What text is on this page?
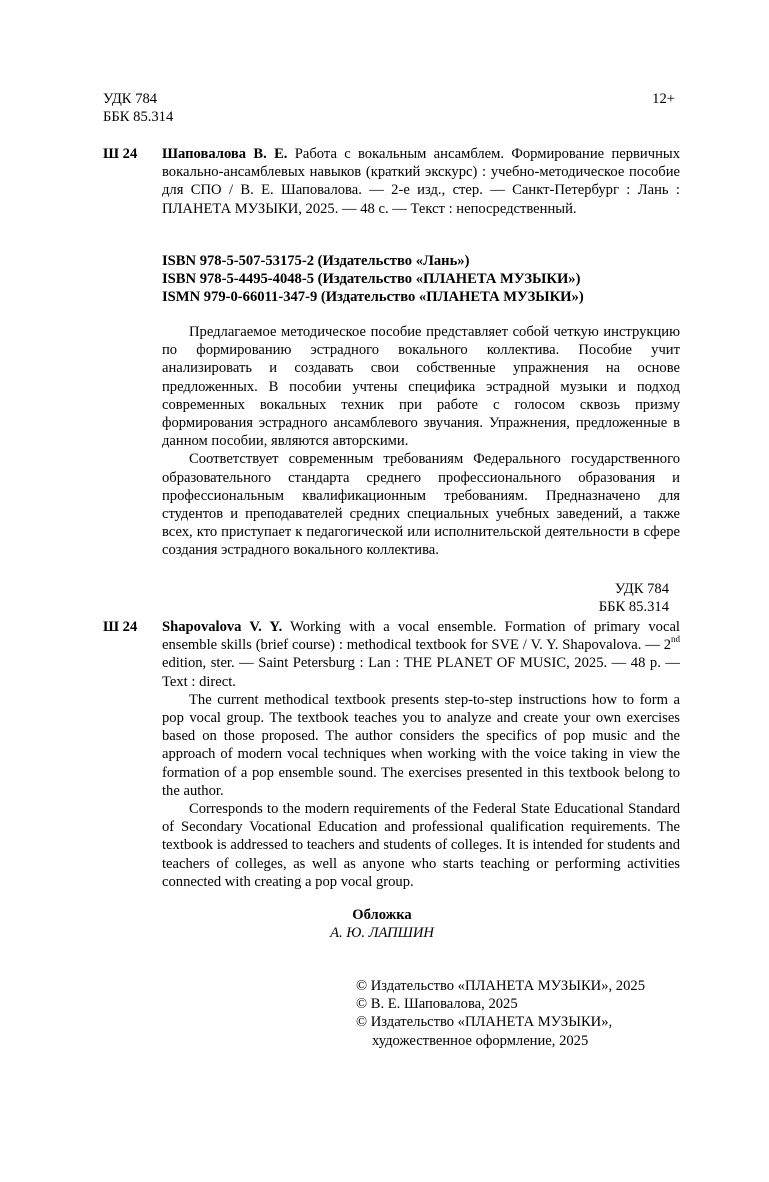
УДК 784
ББК 85.314
12+
Ш 24 Шаповалова В. Е. Работа с вокальным ансамблем. Формирование первичных вокально-ансамблевых навыков (краткий экскурс) : учебно-методическое пособие для СПО / В. Е. Шаповалова. — 2-е изд., стер. — Санкт-Петербург : Лань : ПЛАНЕТА МУЗЫКИ, 2025. — 48 с. — Текст : непосредственный.
ISBN 978-5-507-53175-2 (Издательство «Лань»)
ISBN 978-5-4495-4048-5 (Издательство «ПЛАНЕТА МУЗЫКИ»)
ISMN 979-0-66011-347-9 (Издательство «ПЛАНЕТА МУЗЫКИ»)

Предлагаемое методическое пособие представляет собой четкую инструкцию по формированию эстрадного вокального коллектива. Пособие учит анализировать и создавать свои собственные упражнения на основе предложенных. В пособии учтены специфика эстрадной музыки и подход современных вокальных техник при работе с голосом сквозь призму формирования эстрадного ансамблевого звучания. Упражнения, предложенные в данном пособии, являются авторскими.

Соответствует современным требованиям Федерального государственного образовательного стандарта среднего профессионального образования и профессиональным квалификационным требованиям. Предназначено для студентов и преподавателей средних специальных учебных заведений, а также всех, кто приступает к педагогической или исполнительской деятельности в сфере создания эстрадного вокального коллектива.

УДК 784
ББК 85.314
Ш 24 Shapovalova V. Y. Working with a vocal ensemble. Formation of primary vocal ensemble skills (brief course) : methodical textbook for SVE / V. Y. Shapovalova. — 2nd edition, ster. — Saint Petersburg : Lan : THE PLANET OF MUSIC, 2025. — 48 p. — Text : direct.

The current methodical textbook presents step-to-step instructions how to form a pop vocal group. The textbook teaches you to analyze and create your own exercises based on those proposed. The author considers the specifics of pop music and the approach of modern vocal techniques when working with the voice taking in view the formation of a pop ensemble sound. The exercises presented in this textbook belong to the author.

Corresponds to the modern requirements of the Federal State Educational Standard of Secondary Vocational Education and professional qualification requirements. The textbook is addressed to teachers and students of colleges. It is intended for students and teachers of colleges, as well as anyone who starts teaching or performing activities connected with creating a pop vocal group.

Обложка
А. Ю. ЛАПШИН
© Издательство «ПЛАНЕТА МУЗЫКИ», 2025
© В. Е. Шаповалова, 2025
© Издательство «ПЛАНЕТА МУЗЫКИ»,
художественное оформление, 2025
